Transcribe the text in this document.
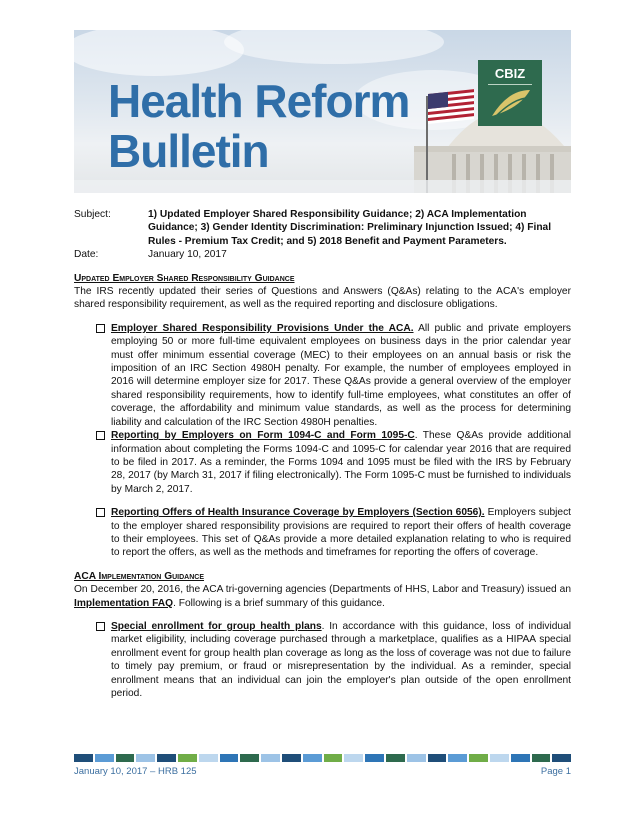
Health Reform
Bulletin
CBIZ
Subject:	1) Updated Employer Shared Responsibility Guidance; 2) ACA Implementation Guidance; 3) Gender Identity Discrimination: Preliminary Injunction Issued; 4) Final Rules - Premium Tax Credit; and 5) 2018 Benefit and Payment Parameters.
Date:	January 10, 2017
Updated Employer Shared Responsibility Guidance

The IRS recently updated their series of Questions and Answers (Q&As) relating to the ACA's employer shared responsibility requirement, as well as the required reporting and disclosure obligations.

Employer Shared Responsibility Provisions Under the ACA. All public and private employers employing 50 or more full-time equivalent employees on business days in the prior calendar year must offer minimum essential coverage (MEC) to their employees on an annual basis or risk the imposition of an IRC Section 4980H penalty. For example, the number of employees employed in 2016 will determine employer size for 2017. These Q&As provide a general overview of the employer shared responsibility requirements, how to identify full-time employees, what constitutes an offer of coverage, the affordability and minimum value standards, as well as the process for determining liability and calculation of the IRC Section 4980H penalties.
Reporting by Employers on Form 1094-C and Form 1095-C. These Q&As provide additional information about completing the Forms 1094-C and 1095-C for calendar year 2016 that are required to be filed in 2017. As a reminder, the Forms 1094 and 1095 must be filed with the IRS by February 28, 2017 (by March 31, 2017 if filing electronically). The Form 1095-C must be furnished to individuals by March 2, 2017.
Reporting Offers of Health Insurance Coverage by Employers (Section 6056). Employers subject to the employer shared responsibility provisions are required to report their offers of health coverage to their employees. This set of Q&As provide a more detailed explanation relating to who is required to report the offers, as well as the methods and timeframes for reporting the offers of coverage.
ACA Implementation Guidance

On December 20, 2016, the ACA tri-governing agencies (Departments of HHS, Labor and Treasury) issued an Implementation FAQ. Following is a brief summary of this guidance.

Special enrollment for group health plans. In accordance with this guidance, loss of individual market eligibility, including coverage purchased through a marketplace, qualifies as a HIPAA special enrollment event for group health plan coverage as long as the loss of coverage was not due to failure to timely pay premium, or fraud or misrepresentation by the individual. As a reminder, special enrollment means that an individual can join the employer's plan outside of the open enrollment period.
January 10, 2017 – HRB 125	Page 1
